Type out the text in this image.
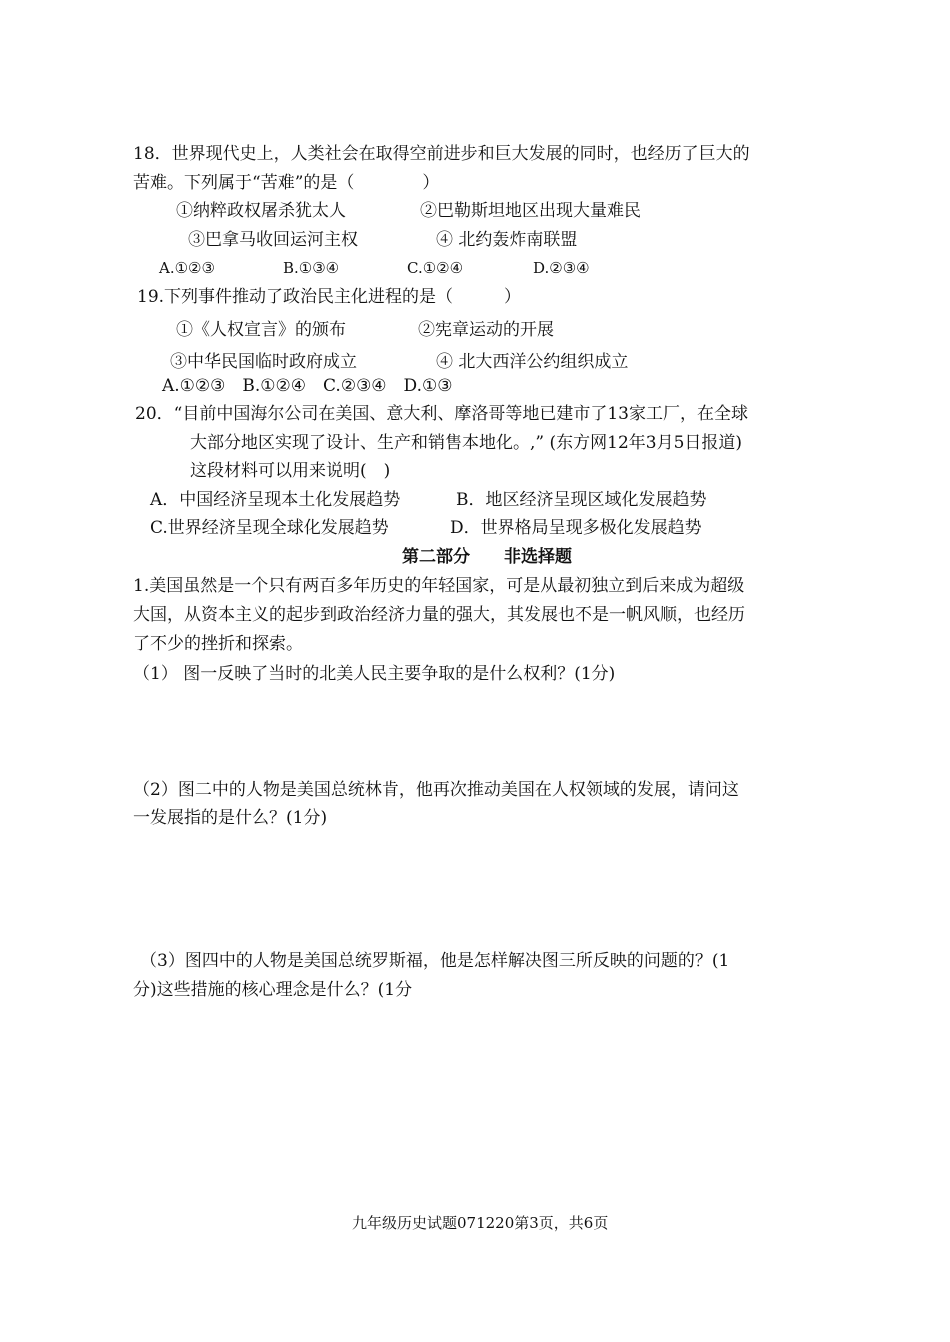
18．世界现代史上，人类社会在取得空前进步和巨大发展的同时，也经历了巨大的
苦难。下列属于“苦难”的是（　　　　）
①纳粹政权屠杀犹太人	②巴勒斯坦地区出现大量难民
③巴拿马收回运河主权	④ 北约轰炸南联盟
A.①②③	B.①③④	C.①②④	D.②③④
19.下列事件推动了政治民主化进程的是（　　　）
①《人权宣言》的颁布	②宪章运动的开展
③中华民国临时政府成立	④ 北大西洋公约组织成立
A.①②③　B.①②④　C.②③④　D.①③
20．“目前中国海尔公司在美国、意大利、摩洛哥等地已建市了13家工厂，在全球
大部分地区实现了设计、生产和销售本地化。,” (东方网12年3月5日报道)
这段材料可以用来说明(　)
A．中国经济呈现本土化发展趋势	B．地区经济呈现区域化发展趋势
C.世界经济呈现全球化发展趋势	D．世界格局呈现多极化发展趋势
第二部分　　非选择题
1.美国虽然是一个只有两百多年历史的年轻国家，可是从最初独立到后来成为超级
大国，从资本主义的起步到政治经济力量的强大，其发展也不是一帆风顺，也经历
了不少的挫折和探索。
（1） 图一反映了当时的北美人民主要争取的是什么权利？(1分)
（2）图二中的人物是美国总统林肯，他再次推动美国在人权领域的发展，请问这
一发展指的是什么？(1分)
（3）图四中的人物是美国总统罗斯福，他是怎样解决图三所反映的问题的？(1
分)这些措施的核心理念是什么？(1分
九年级历史试题071220第3页，共6页
